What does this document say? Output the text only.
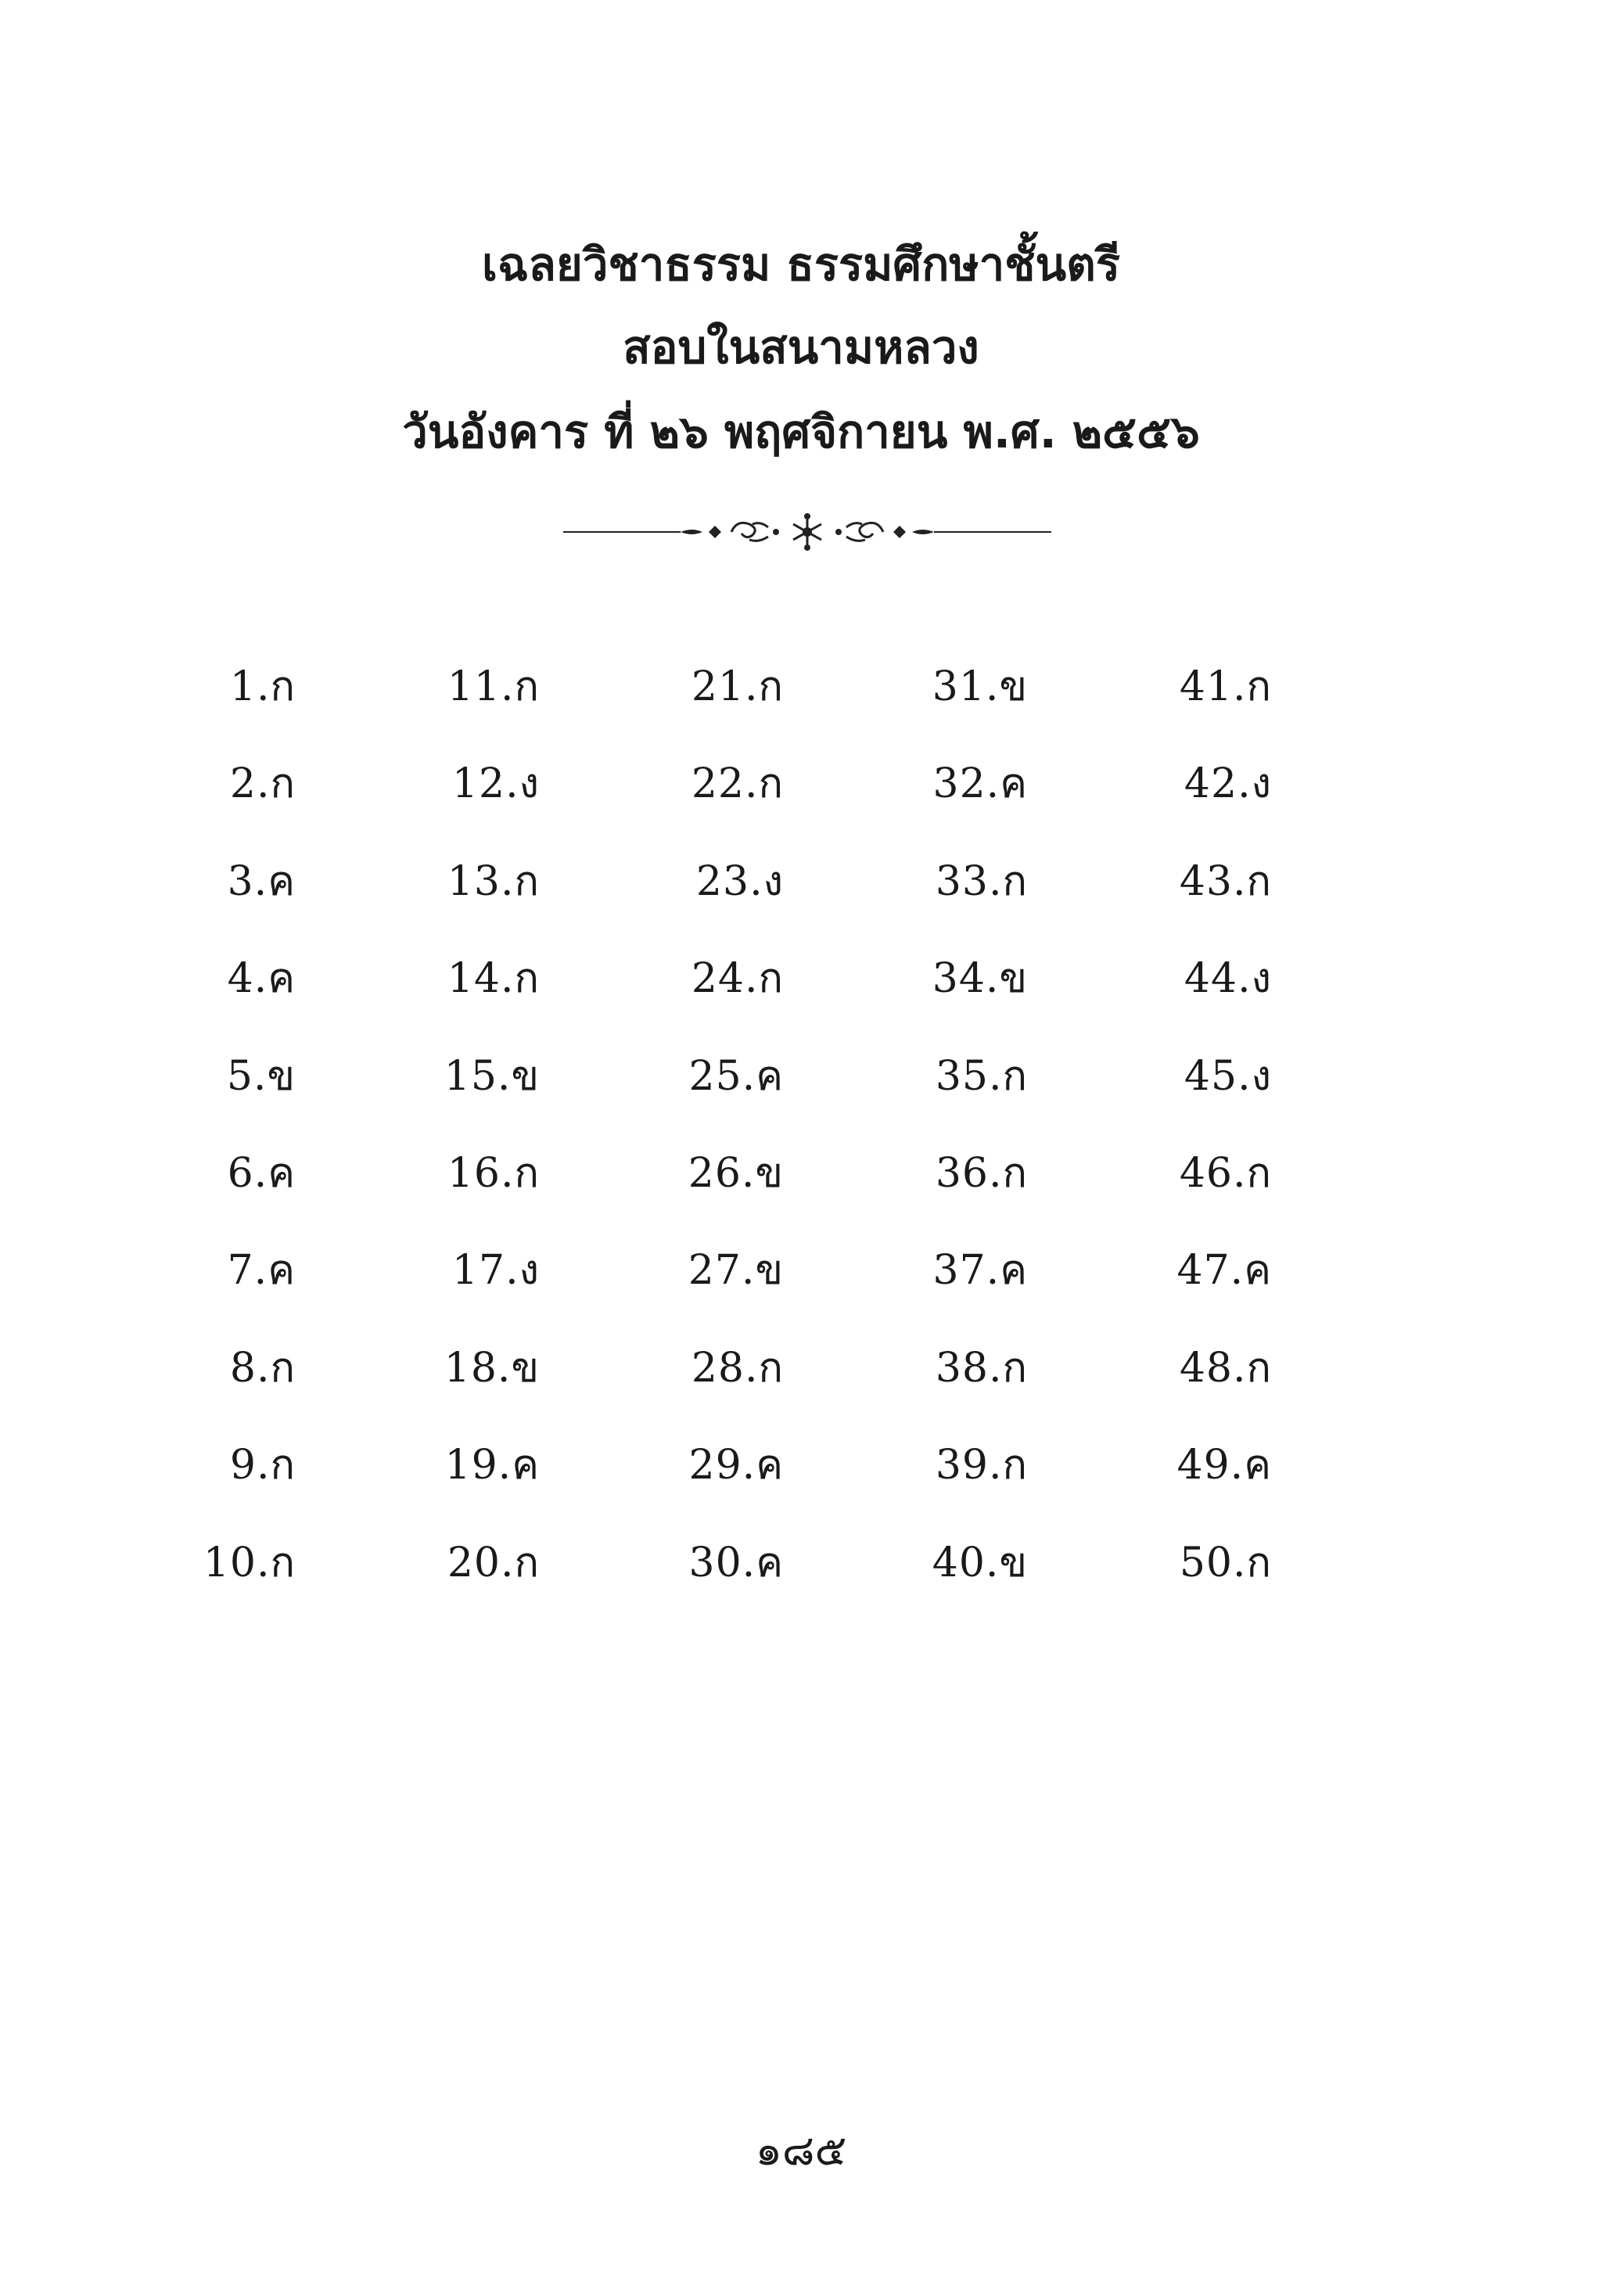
เฉลยวิชาธรรม ธรรมศึกษาชั้นตรี
สอบในสนามหลวง
วันอังคาร ที่ ๒๖ พฤศจิกายน พ.ศ. ๒๕๕๖
1.ก	11.ก	21.ก	31.ข	41.ก
2.ก	12.ง	22.ก	32.ค	42.ง
3.ค	13.ก	23.ง	33.ก	43.ก
4.ค	14.ก	24.ก	34.ข	44.ง
5.ข	15.ข	25.ค	35.ก	45.ง
6.ค	16.ก	26.ข	36.ก	46.ก
7.ค	17.ง	27.ข	37.ค	47.ค
8.ก	18.ข	28.ก	38.ก	48.ก
9.ก	19.ค	29.ค	39.ก	49.ค
10.ก	20.ก	30.ค	40.ข	50.ก
๑๘๕
